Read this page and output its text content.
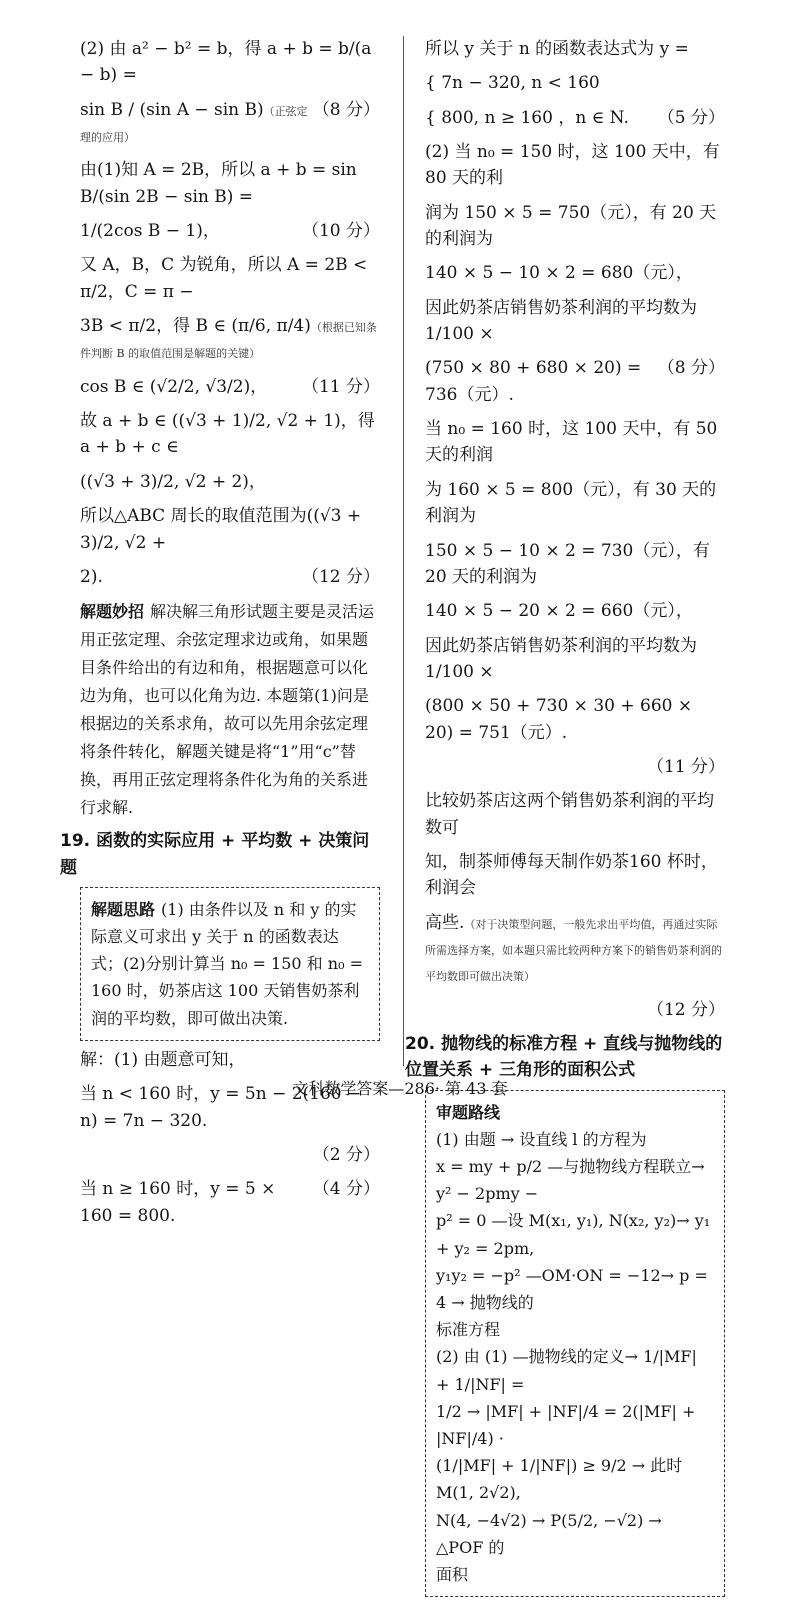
(2) 由 a² − b² = b，得 a + b = b/(a − b) =
sin B / (sin A − sin B)（正弦定理的应用）
（8 分）
由(1)知 A = 2B，所以 a + b = sin B/(sin 2B − sin B) =
1/(2cos B − 1)，	（10 分）
又 A，B，C 为锐角，所以 A = 2B < π/2，C = π −
3B < π/2，得 B ∈ (π/6, π/4)（根据已知条件判断 B 的取值范围是解题的关键）
cos B ∈ (√2/2, √3/2)， （11 分）
故 a + b ∈ ((√3 + 1)/2, √2 + 1)，得 a + b + c ∈
((√3 + 3)/2, √2 + 2)，
所以△ABC 周长的取值范围为((√3 + 3)/2, √2 +
2).	（12 分）
解题妙招 解决解三角形试题主要是灵活运用正弦定理、余弦定理求边或角，如果题目条件给出的有边和角，根据题意可以化边为角，也可以化角为边. 本题第(1)问是根据边的关系求角，故可以先用余弦定理将条件转化，解题关键是将“1”用“c”替换，再用正弦定理将条件化为角的关系进行求解.
19. 函数的实际应用 + 平均数 + 决策问题
解题思路 (1) 由条件以及 n 和 y 的实际意义可求出 y 关于 n 的函数表达式；(2)分别计算当 n₀ = 150 和 n₀ = 160 时，奶茶店这 100 天销售奶茶利润的平均数，即可做出决策.
解：(1) 由题意可知，
当 n < 160 时，y = 5n − 2(160 − n) = 7n − 320.
（2 分）
当 n ≥ 160 时，y = 5 × 160 = 800.
（4 分）
所以 y 关于 n 的函数表达式为 y =
{ 7n − 320, n < 160
{ 800, n ≥ 160 ，n ∈ N. （5 分）
(2) 当 n₀ = 150 时，这 100 天中，有 80 天的利
润为 150 × 5 = 750（元），有 20 天的利润为
140 × 5 − 10 × 2 = 680（元），
因此奶茶店销售奶茶利润的平均数为 1/100 ×
(750 × 80 + 680 × 20) = 736（元）.
（8 分）
当 n₀ = 160 时，这 100 天中，有 50 天的利润
为 160 × 5 = 800（元），有 30 天的利润为
150 × 5 − 10 × 2 = 730（元），有 20 天的利润为
140 × 5 − 20 × 2 = 660（元），
因此奶茶店销售奶茶利润的平均数为 1/100 ×
(800 × 50 + 730 × 30 + 660 × 20) = 751（元）.
（11 分）
比较奶茶店这两个销售奶茶利润的平均数可
知，制茶师傅每天制作奶茶160 杯时，利润会
高些.（对于决策型问题，一般先求出平均值，再通过实际所需选择方案，如本题只需比较两种方案下的销售奶茶利润的平均数即可做出决策）
（12 分）
20. 抛物线的标准方程 + 直线与抛物线的位置关系 + 三角形的面积公式
审题路线
(1) 由题 → 设直线 l 的方程为
x = my + p/2 —与抛物线方程联立→ y² − 2pmy −
p² = 0 —设 M(x₁, y₁), N(x₂, y₂)→ y₁ + y₂ = 2pm,
y₁y₂ = −p² —OM·ON = −12→ p = 4 → 抛物线的
标准方程
(2) 由 (1) —抛物线的定义→ 1/|MF| + 1/|NF| =
1/2 → |MF| + |NF|/4 = 2(|MF| + |NF|/4) ·
(1/|MF| + 1/|NF|) ≥ 9/2 → 此时 M(1, 2√2),
N(4, −4√2) → P(5/2, −√2) → △POF 的
面积
文科数学答案—286· 第 43 套
